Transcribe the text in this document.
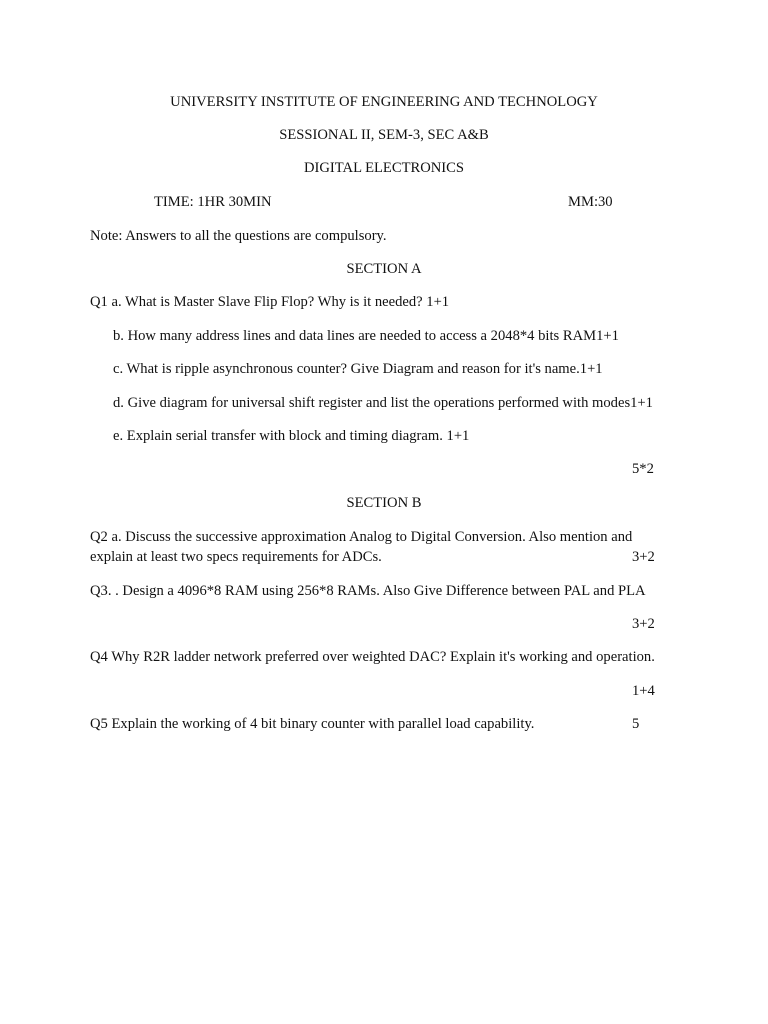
UNIVERSITY INSTITUTE OF ENGINEERING AND TECHNOLOGY
SESSIONAL II, SEM-3, SEC A&B
DIGITAL ELECTRONICS
TIME: 1HR 30MIN	MM:30
Note: Answers to all the questions are compulsory.
SECTION A
Q1 a. What is Master Slave Flip Flop? Why is it needed? 1+1
b. How many address lines and data lines are needed to access a 2048*4 bits RAM1+1
c. What is ripple asynchronous counter? Give Diagram and reason for it's name.1+1
d. Give diagram for universal shift register and list the operations performed with modes1+1
e. Explain serial transfer with block and timing diagram. 1+1
5*2
SECTION B
Q2 a. Discuss the successive approximation Analog to Digital Conversion. Also mention and
explain at least two specs requirements for ADCs.	3+2
Q3. . Design a 4096*8 RAM using 256*8 RAMs. Also Give Difference between PAL and PLA
3+2
Q4 Why R2R ladder network preferred over weighted DAC? Explain it's working and operation.
1+4
Q5 Explain the working of 4 bit binary counter with parallel load capability.	5
